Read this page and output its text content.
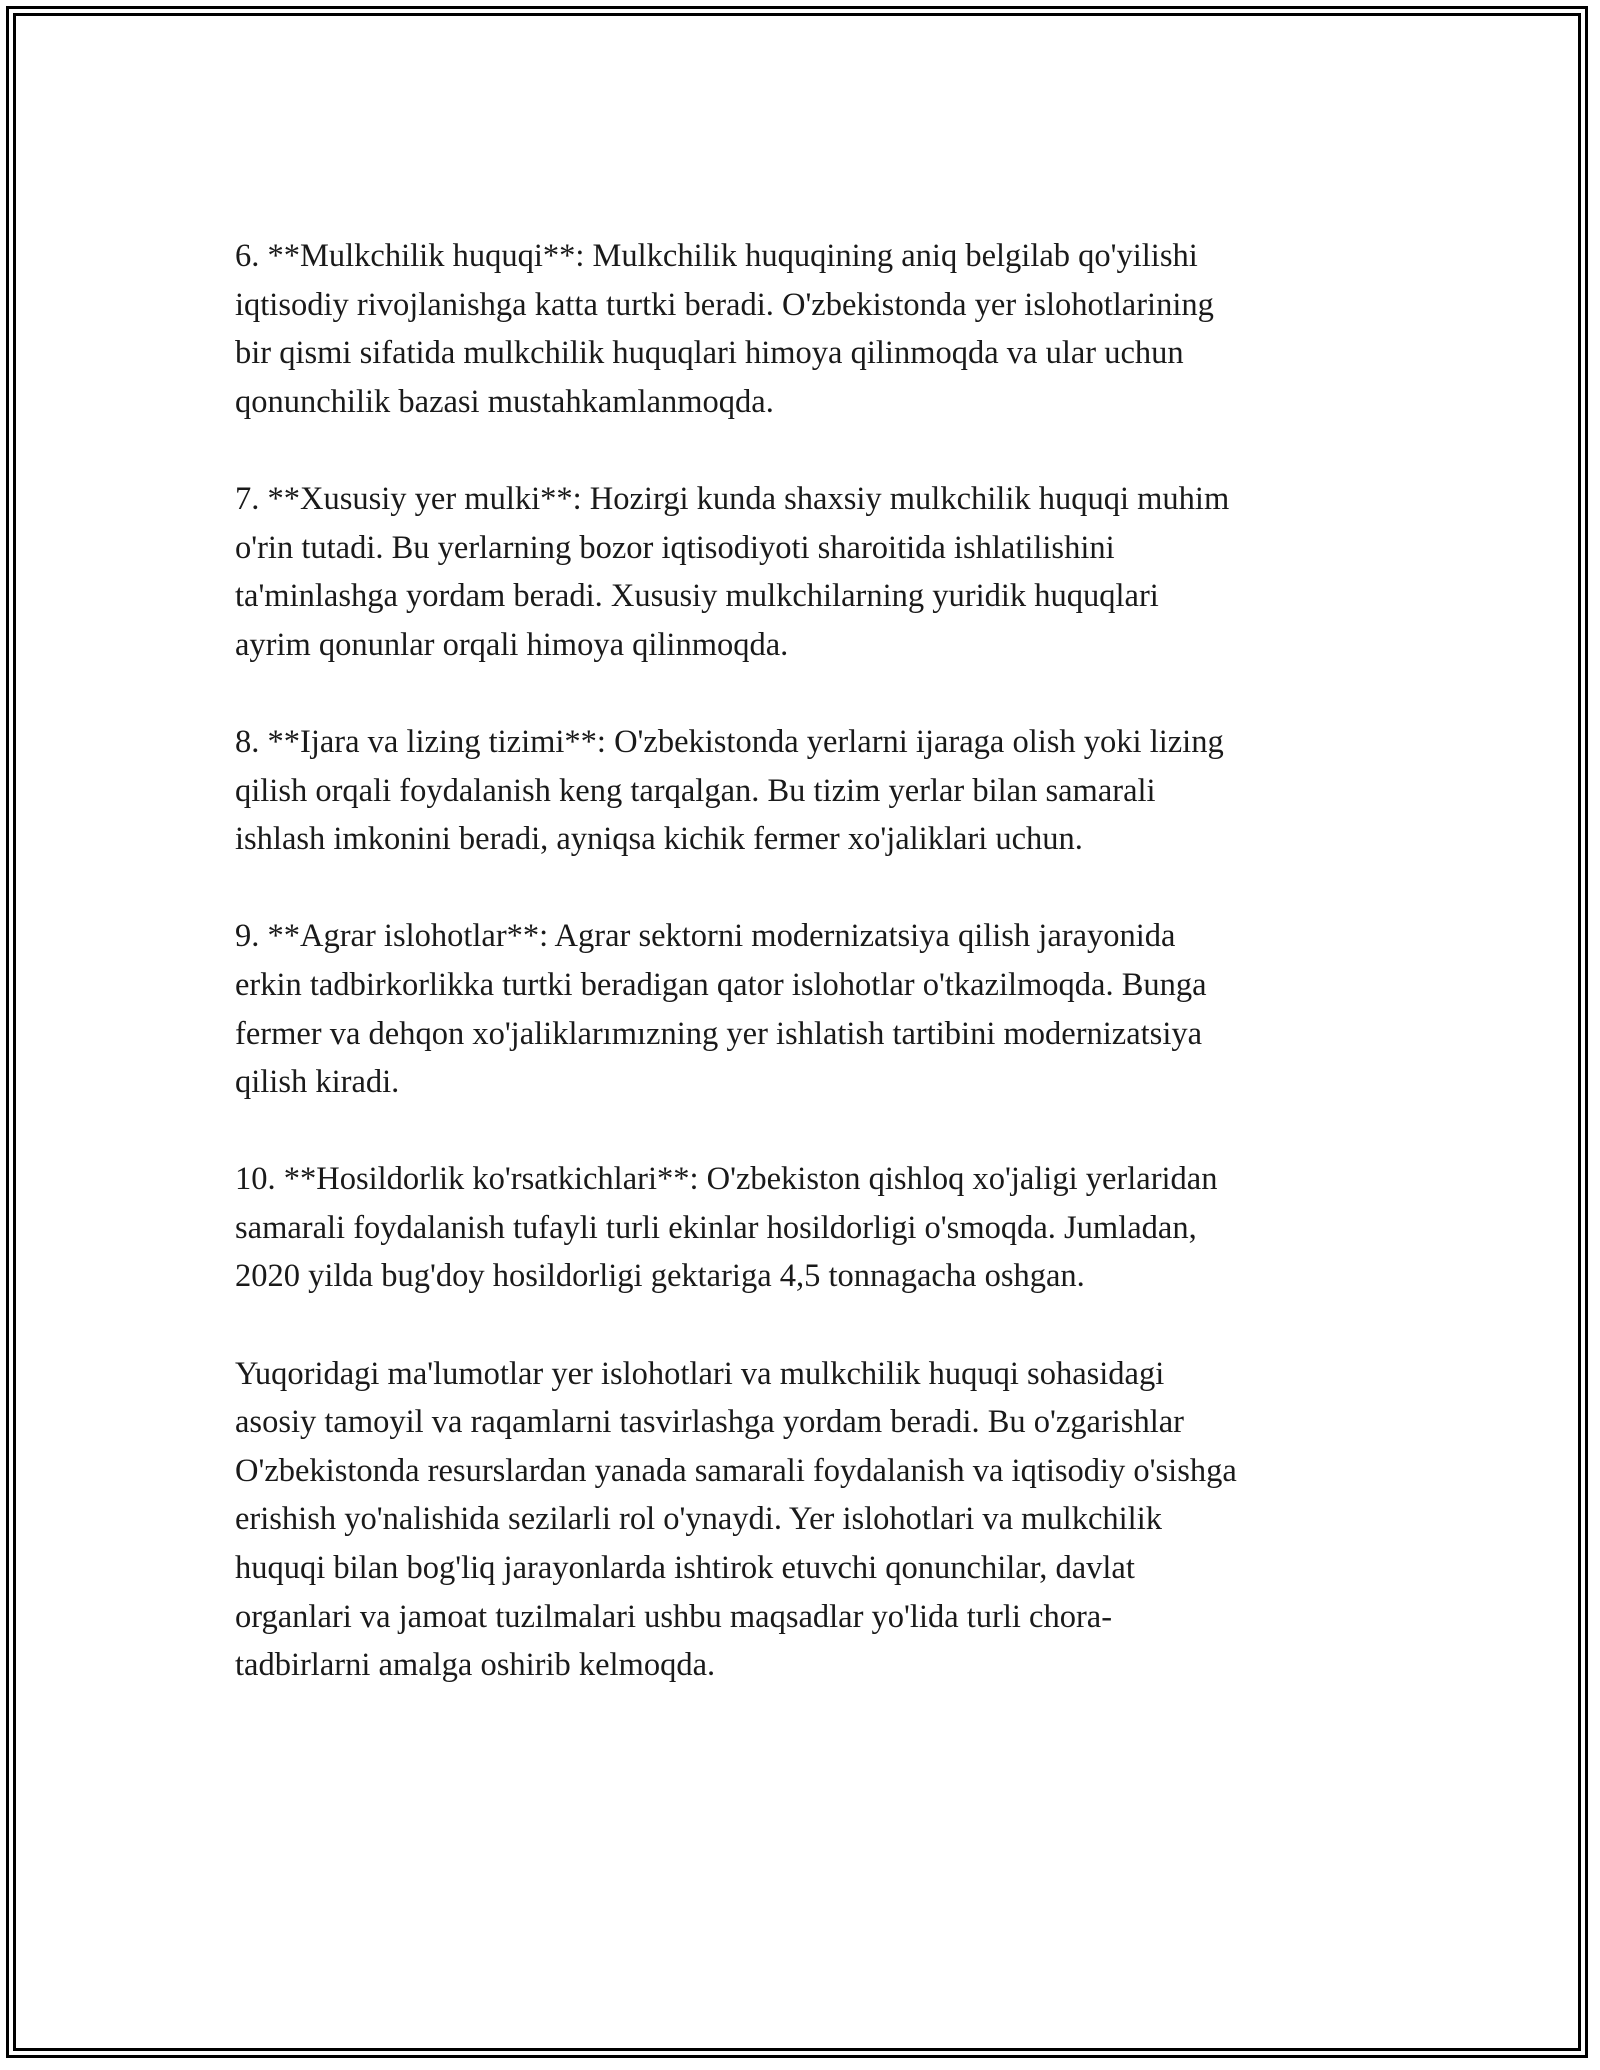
6. **Mulkchilik huquqi**: Mulkchilik huquqining aniq belgilab qo'yilishi
iqtisodiy rivojlanishga katta turtki beradi. O'zbekistonda yer islohotlarining
bir qismi sifatida mulkchilik huquqlari himoya qilinmoqda va ular uchun
qonunchilik bazasi mustahkamlanmoqda.

7. **Xususiy yer mulki**: Hozirgi kunda shaxsiy mulkchilik huquqi muhim
o'rin tutadi. Bu yerlarning bozor iqtisodiyoti sharoitida ishlatilishini
ta'minlashga yordam beradi. Xususiy mulkchilarning yuridik huquqlari
ayrim qonunlar orqali himoya qilinmoqda.

8. **Ijara va lizing tizimi**: O'zbekistonda yerlarni ijaraga olish yoki lizing
qilish orqali foydalanish keng tarqalgan. Bu tizim yerlar bilan samarali
ishlash imkonini beradi, ayniqsa kichik fermer xo'jaliklari uchun.

9. **Agrar islohotlar**: Agrar sektorni modernizatsiya qilish jarayonida
erkin tadbirkorlikka turtki beradigan qator islohotlar o'tkazilmoqda. Bunga
fermer va dehqon xo'jaliklarımızning yer ishlatish tartibini modernizatsiya
qilish kiradi.

10. **Hosildorlik ko'rsatkichlari**: O'zbekiston qishloq xo'jaligi yerlaridan
samarali foydalanish tufayli turli ekinlar hosildorligi o'smoqda. Jumladan,
2020 yilda bug'doy hosildorligi gektariga 4,5 tonnagacha oshgan.

Yuqoridagi ma'lumotlar yer islohotlari va mulkchilik huquqi sohasidagi
asosiy tamoyil va raqamlarni tasvirlashga yordam beradi. Bu o'zgarishlar
O'zbekistonda resurslardan yanada samarali foydalanish va iqtisodiy o'sishga
erishish yo'nalishida sezilarli rol o'ynaydi. Yer islohotlari va mulkchilik
huquqi bilan bog'liq jarayonlarda ishtirok etuvchi qonunchilar, davlat
organlari va jamoat tuzilmalari ushbu maqsadlar yo'lida turli chora-
tadbirlarni amalga oshirib kelmoqda.
